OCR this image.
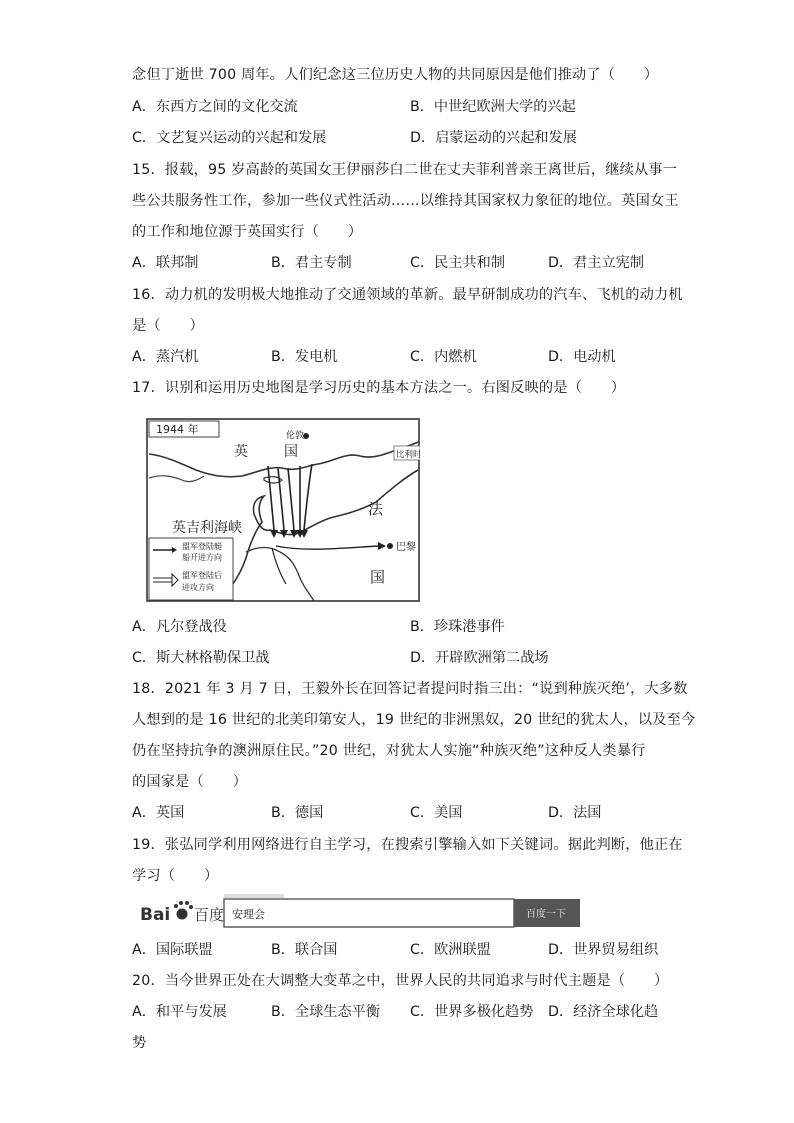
念但丁逝世 700 周年。人们纪念这三位历史人物的共同原因是他们推动了（　　）
A．东西方之间的文化交流	B．中世纪欧洲大学的兴起
C．文艺复兴运动的兴起和发展	D．启蒙运动的兴起和发展
15．报载，95 岁高龄的英国女王伊丽莎白二世在丈夫菲利普亲王离世后，继续从事一
些公共服务性工作，参加一些仪式性活动……以维持其国家权力象征的地位。英国女王
的工作和地位源于英国实行（　　）
A．联邦制	B．君主专制	C．民主共和制	D．君主立宪制
16．动力机的发明极大地推动了交通领域的革新。最早研制成功的汽车、飞机的动力机
是（　　）
A．蒸汽机	B．发电机	C．内燃机	D．电动机
17．识别和运用历史地图是学习历史的基本方法之一。右图反映的是（　　）
1944 年	伦敦
比利时
巴黎
英	国
英吉利海峡
法
国
盟军登陆艇
船开进方向
盟军登陆后
进攻方向
A．凡尔登战役	B．珍珠港事件
C．斯大林格勒保卫战	D．开辟欧洲第二战场
18．2021 年 3 月 7 日，王毅外长在回答记者提问时指三出：“说到种族灭绝’，大多数
人想到的是 16 世纪的北美印第安人，19 世纪的非洲黑奴，20 世纪的犹太人，以及至今
仍在坚持抗争的澳洲原住民。”20 世纪，对犹太人实施“种族灭绝”这种反人类暴行
的国家是（　　）
A．英国	B．德国	C．美国	D．法国
19．张弘同学利用网络进行自主学习，在搜索引擎输入如下关键词。据此判断，他正在
学习（　　）
Bai 百度 安理会	百度一下
A．国际联盟	B．联合国	C．欧洲联盟	D．世界贸易组织
20．当今世界正处在大调整大变革之中，世界人民的共同追求与时代主题是（　　）
A．和平与发展	B．全球生态平衡 C．世界多极化趋势 D．经济全球化趋
势
